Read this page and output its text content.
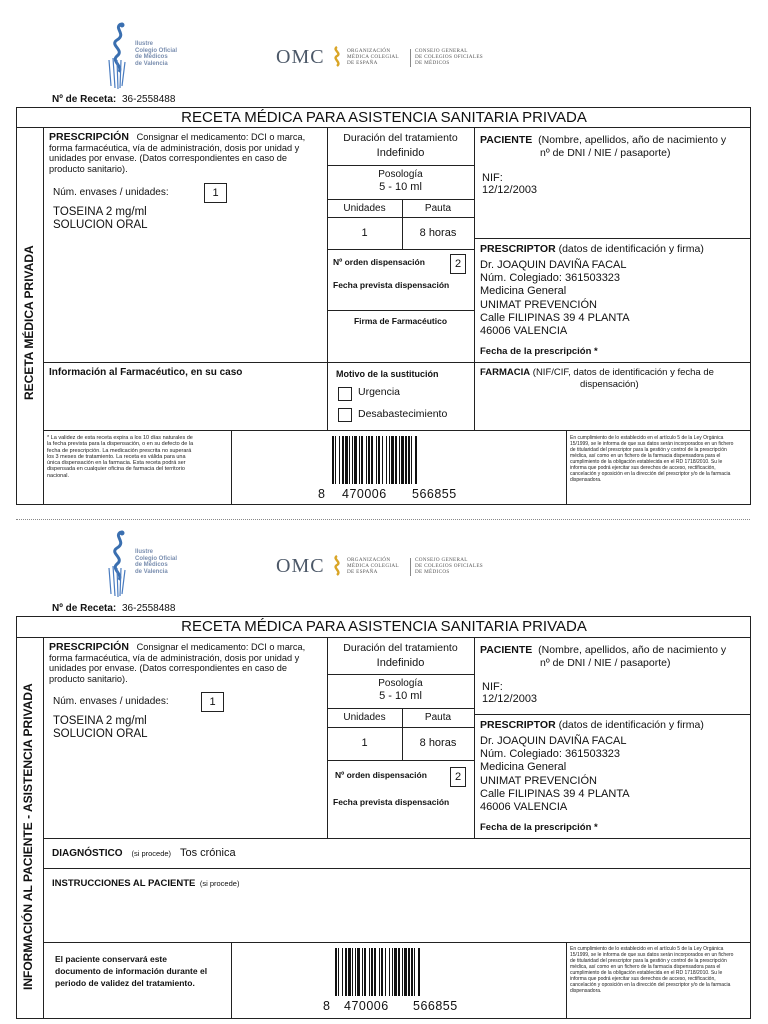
Ilustre
Colegio Oficial
de Médicos
de Valencia	OMC	ORGANIZACIÓN
MÉDICA COLEGIAL
DE ESPAÑA
CONSEJO GENERAL
DE COLEGIOS OFICIALES
DE MÉDICOS
Nº de Receta: 36-2558488
RECETA MÉDICA PARA ASISTENCIA SANITARIA PRIVADA
RECETA MÉDICA PRIVADA
PRESCRIPCIÓN Consignar el medicamento: DCI o marca,
forma farmacéutica, vía de administración, dosis por unidad y
unidades por envase. (Datos correspondientes en caso de
producto sanitario).
Núm. envases / unidades:	1
TOSEINA 2 mg/ml
SOLUCION ORAL
Duración del tratamiento
Indefinido
Posología
5 - 10 ml
Unidades	Pauta
1	8 horas
Nº orden dispensación	2
Fecha prevista dispensación
Firma de Farmacéutico
PACIENTE (Nombre, apellidos, año de nacimiento y
nº de DNI / NIE / pasaporte)
NIF:
12/12/2003
PRESCRIPTOR (datos de identificación y firma)
Dr. JOAQUIN DAVIÑA FACAL
Núm. Colegiado: 361503323
Medicina General
UNIMAT PREVENCIÓN
Calle FILIPINAS 39 4 PLANTA
46006 VALENCIA
Fecha de la prescripción *
Información al Farmacéutico, en su caso	Motivo de la sustitución
Urgencia
Desabastecimiento
FARMACIA (NIF/CIF, datos de identificación y fecha de
dispensación)
* La validez de esta receta expira a los 10 días naturales de
la fecha prevista para la dispensación, o en su defecto de la
fecha de prescripción. La medicación prescrita no superará
los 3 meses de tratamiento. La receta es válida para una
única dispensación en la farmacia. Esta receta podrá ser
dispensada en cualquier oficina de farmacia del territorio
nacional.
8 470006 566855
En cumplimiento de lo establecido en el artículo 5 de la Ley Orgánica
15/1999, se le informa de que sus datos serán incorporados en un fichero
de titularidad del prescriptor para la gestión y control de la prescripción
médica, así como en un fichero de la farmacia dispensadora para el
cumplimiento de la obligación establecida en el RD 1718/2010. Su le
informa que podrá ejercitar sus derechos de acceso, rectificación,
cancelación y oposición en la dirección del prescriptor y/o de la farmacia
dispensadora.
Ilustre
Colegio Oficial
de Médicos
de Valencia	OMC	ORGANIZACIÓN
MÉDICA COLEGIAL
DE ESPAÑA
CONSEJO GENERAL
DE COLEGIOS OFICIALES
DE MÉDICOS
Nº de Receta: 36-2558488
RECETA MÉDICA PARA ASISTENCIA SANITARIA PRIVADA
INFORMACIÓN AL PACIENTE - ASISTENCIA PRIVADA
PRESCRIPCIÓN Consignar el medicamento: DCI o marca,
forma farmacéutica, vía de administración, dosis por unidad y
unidades por envase. (Datos correspondientes en caso de
producto sanitario).
Núm. envases / unidades:	1
TOSEINA 2 mg/ml
SOLUCION ORAL
Duración del tratamiento
Indefinido
Posología
5 - 10 ml
Unidades	Pauta
1	8 horas
Nº orden dispensación	2
Fecha prevista dispensación
PACIENTE (Nombre, apellidos, año de nacimiento y
nº de DNI / NIE / pasaporte)
NIF:
12/12/2003
PRESCRIPTOR (datos de identificación y firma)
Dr. JOAQUIN DAVIÑA FACAL
Núm. Colegiado: 361503323
Medicina General
UNIMAT PREVENCIÓN
Calle FILIPINAS 39 4 PLANTA
46006 VALENCIA
Fecha de la prescripción *
DIAGNÓSTICO (si procede) Tos crónica
INSTRUCCIONES AL PACIENTE (si procede)
El paciente conservará este
documento de información durante el
periodo de validez del tratamiento.
8 470006 566855
En cumplimiento de lo establecido en el artículo 5 de la Ley Orgánica
15/1999, se le informa de que sus datos serán incorporados en un fichero
de titularidad del prescriptor para la gestión y control de la prescripción
médica, así como en un fichero de la farmacia dispensadora para el
cumplimiento de la obligación establecida en el RD 1718/2010. Su le
informa que podrá ejercitar sus derechos de acceso, rectificación,
cancelación y oposición en la dirección del prescriptor y/o de la farmacia
dispensadora.
